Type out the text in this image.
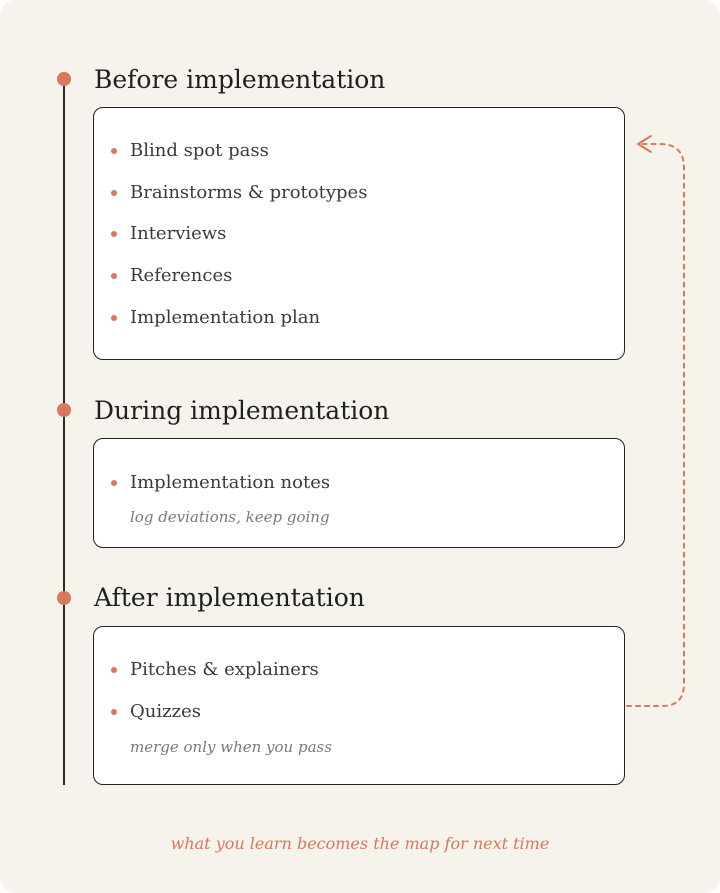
Before implementation
Blind spot pass
Brainstorms & prototypes
Interviews
References
Implementation plan
During implementation
Implementation notes
log deviations, keep going
After implementation
Pitches & explainers
Quizzes
merge only when you pass
what you learn becomes the map for next time
